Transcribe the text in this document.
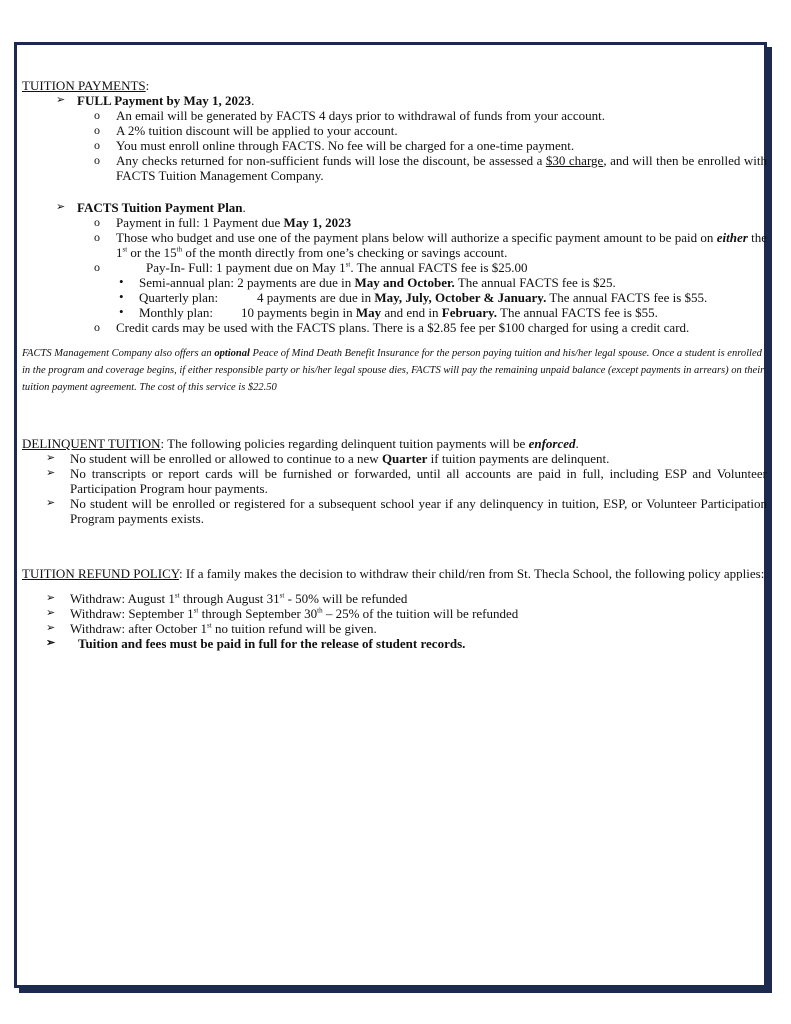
TUITION PAYMENTS:

➢ FULL Payment by May 1, 2023.

o An email will be generated by FACTS 4 days prior to withdrawal of funds from your account.

o A 2% tuition discount will be applied to your account.

o You must enroll online through FACTS. No fee will be charged for a one-time payment.

o Any checks returned for non-sufficient funds will lose the discount, be assessed a $30 charge, and will then be enrolled with FACTS Tuition Management Company.

➢ FACTS Tuition Payment Plan.

o Payment in full: 1 Payment due May 1, 2023

o Those who budget and use one of the payment plans below will authorize a specific payment amount to be paid on either the 1st or the 15th of the month directly from one’s checking or savings account.

o	Pay-In- Full: 1 payment due on May 1st. The annual FACTS fee is $25.00

• Semi-annual plan: 2 payments are due in May and October. The annual FACTS fee is $25.

• Quarterly plan:	4 payments are due in May, July, October & January. The annual FACTS fee is $55.

• Monthly plan: 10 payments begin in May and end in February. The annual FACTS fee is $55.

o Credit cards may be used with the FACTS plans. There is a $2.85 fee per $100 charged for using a credit card.

FACTS Management Company also offers an optional Peace of Mind Death Benefit Insurance for the person paying tuition and his/her legal spouse. Once a student is enrolled in the program and coverage begins, if either responsible party or his/her legal spouse dies, FACTS will pay the remaining unpaid balance (except payments in arrears) on their tuition payment agreement. The cost of this service is $22.50

DELINQUENT TUITION: The following policies regarding delinquent tuition payments will be enforced.

➢ No student will be enrolled or allowed to continue to a new Quarter if tuition payments are delinquent.

➢ No transcripts or report cards will be furnished or forwarded, until all accounts are paid in full, including ESP and Volunteer Participation Program hour payments.

➢ No student will be enrolled or registered for a subsequent school year if any delinquency in tuition, ESP, or Volunteer Participation Program payments exists.

TUITION REFUND POLICY: If a family makes the decision to withdraw their child/ren from St. Thecla School, the following policy applies:

➢ Withdraw: August 1st through August 31st - 50% will be refunded

➢ Withdraw: September 1st through September 30th – 25% of the tuition will be refunded

➢ Withdraw: after October 1st no tuition refund will be given.

➢ Tuition and fees must be paid in full for the release of student records.
